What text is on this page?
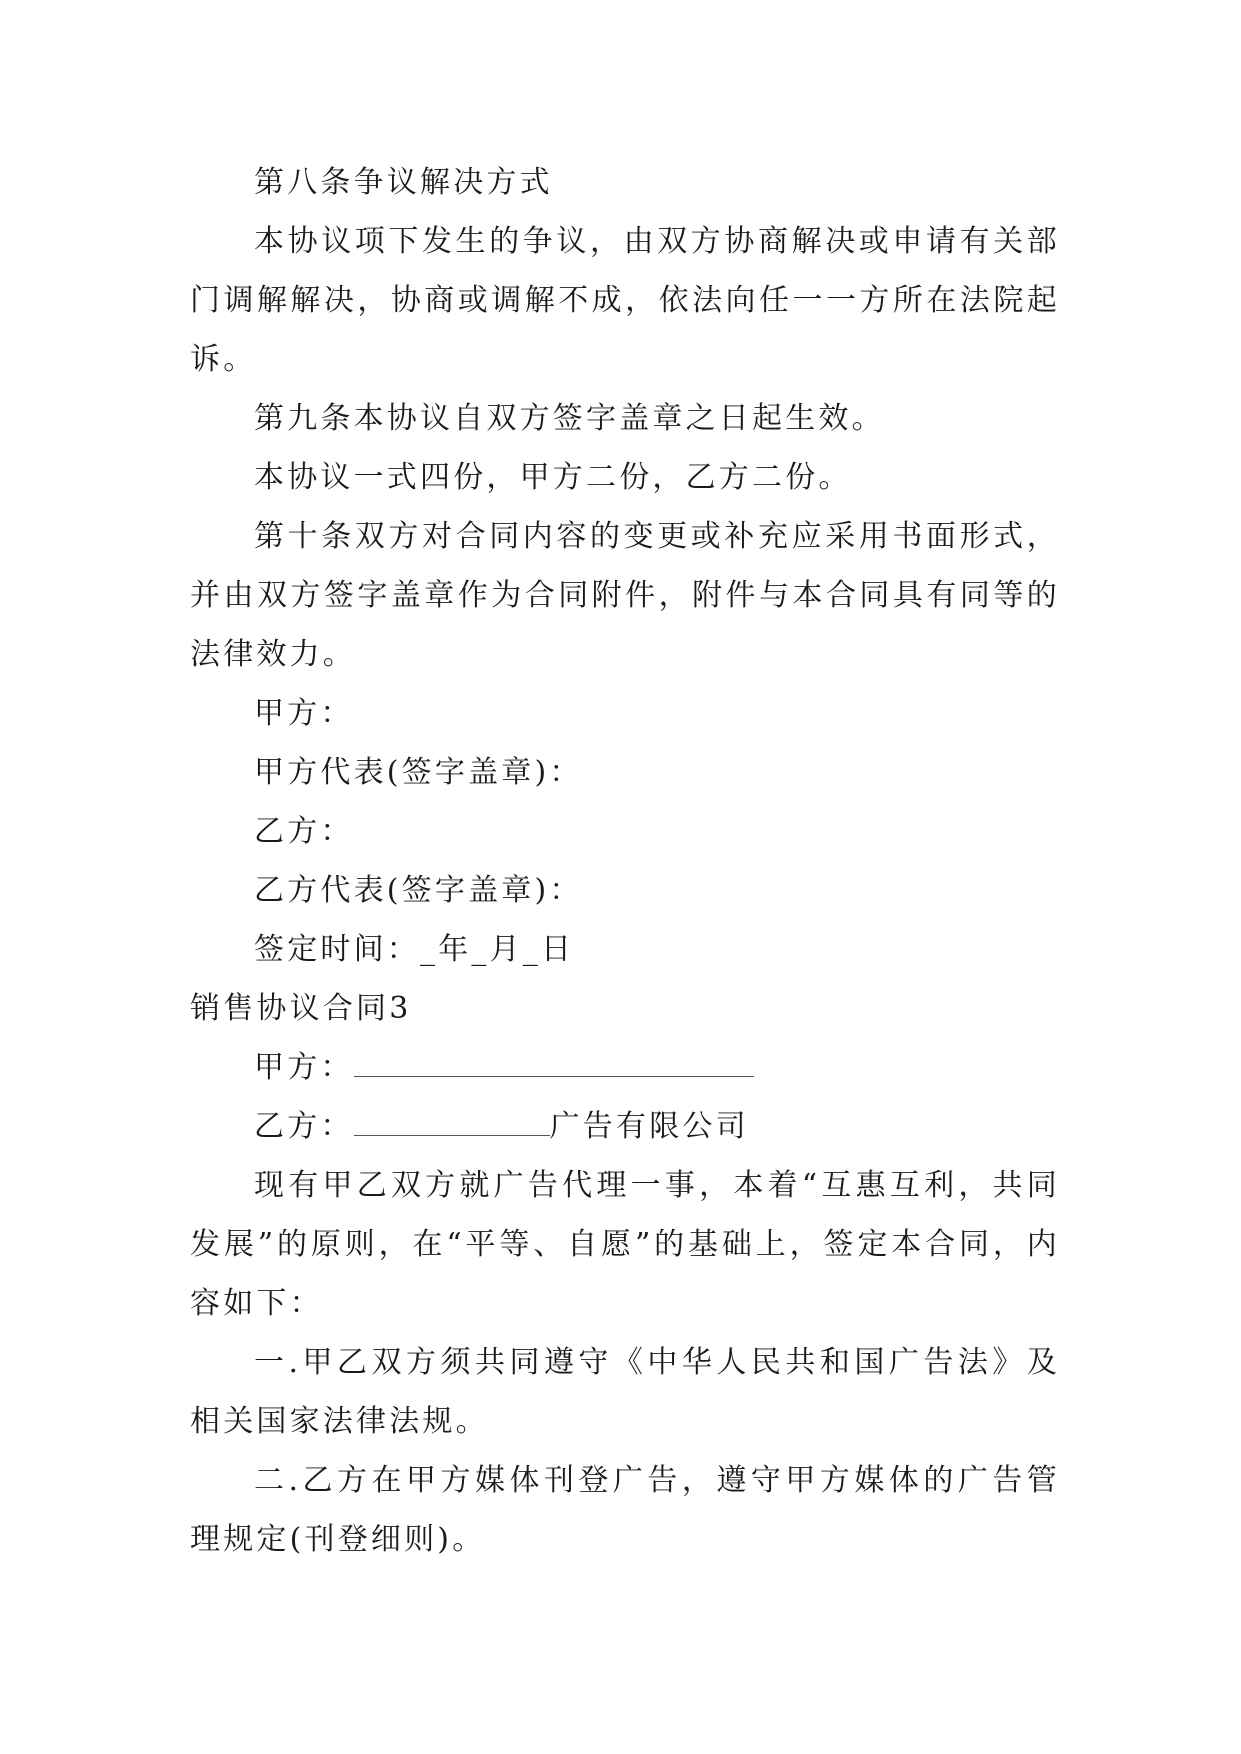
第八条争议解决方式

本协议项下发生的争议，由双方协商解决或申请有关部门调解解决，协商或调解不成，依法向任一一方所在法院起诉。

第九条本协议自双方签字盖章之日起生效。

本协议一式四份，甲方二份，乙方二份。

第十条双方对合同内容的变更或补充应采用书面形式，并由双方签字盖章作为合同附件，附件与本合同具有同等的法律效力。

甲方：

甲方代表(签字盖章)：

乙方：

乙方代表(签字盖章)：

签定时间：_年_月_日

销售协议合同3

甲方：

乙方：	广告有限公司

现有甲乙双方就广告代理一事，本着“互惠互利，共同发展”的原则，在“平等、自愿”的基础上，签定本合同，内容如下：

一.甲乙双方须共同遵守《中华人民共和国广告法》及相关国家法律法规。

二.乙方在甲方媒体刊登广告，遵守甲方媒体的广告管理规定(刊登细则)。
